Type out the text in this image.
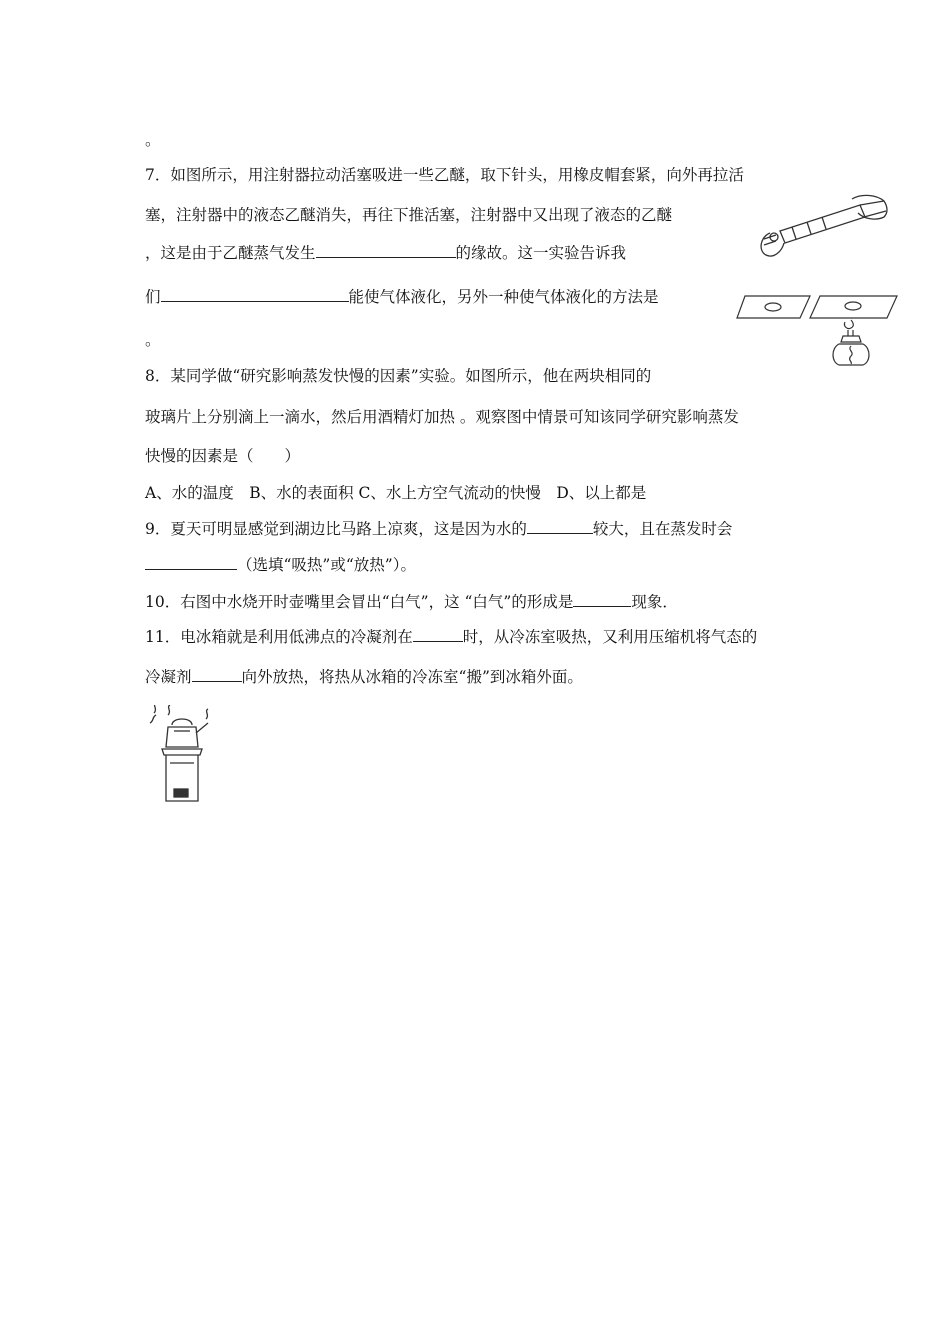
。
7．如图所示，用注射器拉动活塞吸进一些乙醚，取下针头，用橡皮帽套紧，向外再拉活
塞，注射器中的液态乙醚消失，再往下推活塞，注射器中又出现了液态的乙醚
，这是由于乙醚蒸气发生	的缘故。这一实验告诉我
们	能使气体液化，另外一种使气体液化的方法是
。
8．某同学做“研究影响蒸发快慢的因素”实验。如图所示，他在两块相同的
玻璃片上分别滴上一滴水，然后用酒精灯加热 。观察图中情景可知该同学研究影响蒸发
快慢的因素是（　　）
A、水的温度　B、水的表面积 C、水上方空气流动的快慢　D、以上都是
9．夏天可明显感觉到湖边比马路上凉爽，这是因为水的	较大，且在蒸发时会
（选填“吸热”或“放热”）。
10．右图中水烧开时壶嘴里会冒出“白气”，这 “白气”的形成是	现象．
11．电冰箱就是利用低沸点的冷凝剂在	时，从冷冻室吸热，又利用压缩机将气态的
冷凝剂	向外放热，将热从冰箱的冷冻室“搬”到冰箱外面。
